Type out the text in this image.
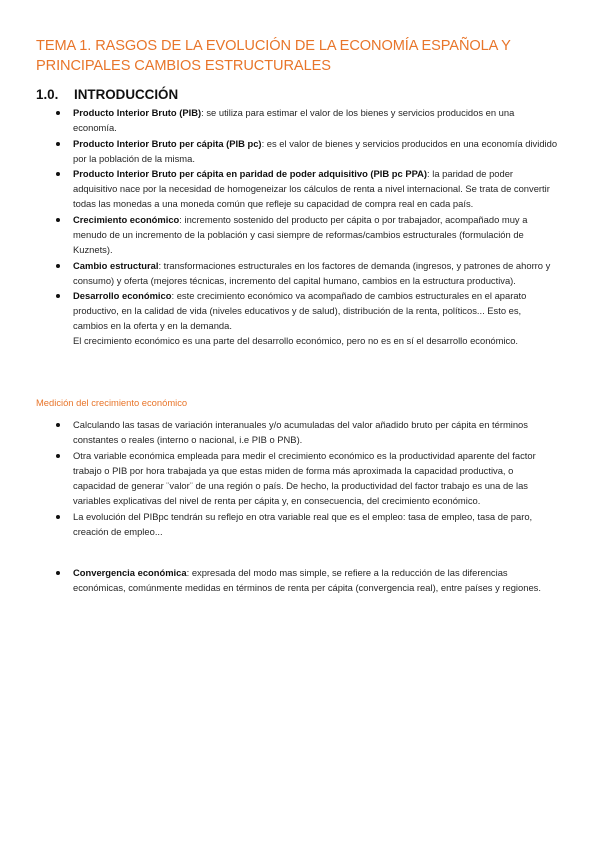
TEMA 1. RASGOS DE LA EVOLUCIÓN DE LA ECONOMÍA ESPAÑOLA Y PRINCIPALES CAMBIOS ESTRUCTURALES
1.0. INTRODUCCIÓN
Producto Interior Bruto (PIB): se utiliza para estimar el valor de los bienes y servicios producidos en una economía.
Producto Interior Bruto per cápita (PIB pc): es el valor de bienes y servicios producidos en una economía dividido por la población de la misma.
Producto Interior Bruto per cápita en paridad de poder adquisitivo (PIB pc PPA): la paridad de poder adquisitivo nace por la necesidad de homogeneizar los cálculos de renta a nivel internacional. Se trata de convertir todas las monedas a una moneda común que refleje su capacidad de compra real en cada país.
Crecimiento económico: incremento sostenido del producto per cápita o por trabajador, acompañado muy a menudo de un incremento de la población y casi siempre de reformas/cambios estructurales (formulación de Kuznets).
Cambio estructural: transformaciones estructurales en los factores de demanda (ingresos, y patrones de ahorro y consumo) y oferta (mejores técnicas, incremento del capital humano, cambios en la estructura productiva).
Desarrollo económico: este crecimiento económico va acompañado de cambios estructurales en el aparato productivo, en la calidad de vida (niveles educativos y de salud), distribución de la renta, políticos... Esto es, cambios en la oferta y en la demanda.
El crecimiento económico es una parte del desarrollo económico, pero no es en sí el desarrollo económico.
Medición del crecimiento económico
Calculando las tasas de variación interanuales y/o acumuladas del valor añadido bruto per cápita en términos constantes o reales (interno o nacional, i.e PIB o PNB).
Otra variable económica empleada para medir el crecimiento económico es la productividad aparente del factor trabajo o PIB por hora trabajada ya que estas miden de forma más aproximada la capacidad productiva, o capacidad de generar ¨valor¨ de una región o país. De hecho, la productividad del factor trabajo es una de las variables explicativas del nivel de renta per cápita y, en consecuencia, del crecimiento económico.
La evolución del PIBpc tendrán su reflejo en otra variable real que es el empleo: tasa de empleo, tasa de paro, creación de empleo...
Convergencia económica: expresada del modo mas simple, se refiere a la reducción de las diferencias económicas, comúnmente medidas en términos de renta per cápita (convergencia real), entre países y regiones.
